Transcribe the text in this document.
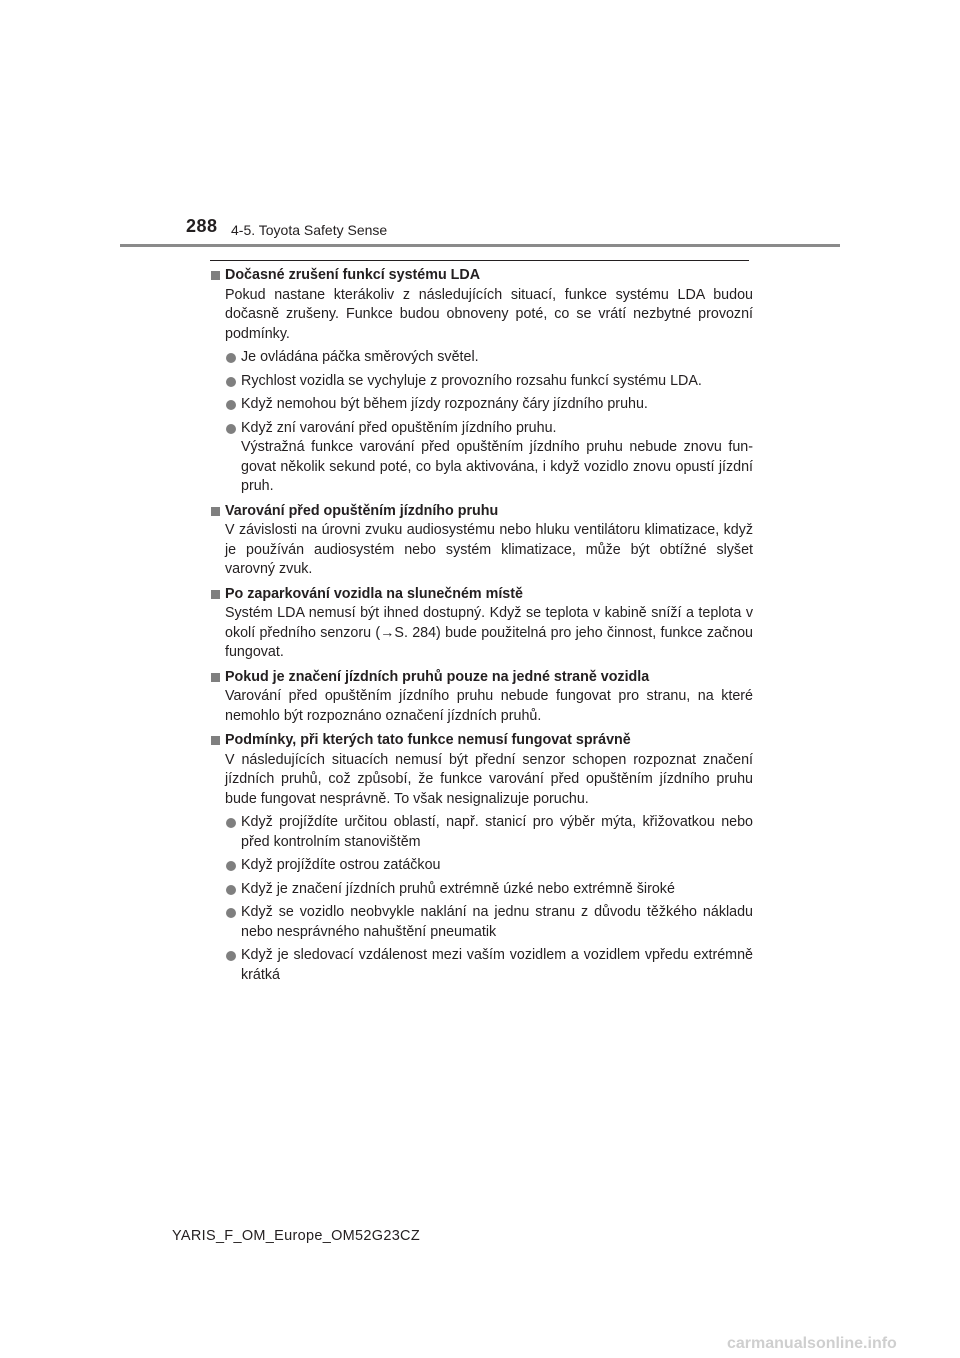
288 4-5. Toyota Safety Sense
Dočasné zrušení funkcí systému LDA
Pokud nastane kterákoliv z následujících situací, funkce systému LDA budou dočasně zrušeny. Funkce budou obnoveny poté, co se vrátí nezbytné provozní podmínky.
Je ovládána páčka směrových světel.
Rychlost vozidla se vychyluje z provozního rozsahu funkcí systému LDA.
Když nemohou být během jízdy rozpoznány čáry jízdního pruhu.
Když zní varování před opuštěním jízdního pruhu.
Výstražná funkce varování před opuštěním jízdního pruhu nebude znovu fungovat několik sekund poté, co byla aktivována, i když vozidlo znovu opustí jízdní pruh.
Varování před opuštěním jízdního pruhu
V závislosti na úrovni zvuku audiosystému nebo hluku ventilátoru klimatizace, když je používán audiosystém nebo systém klimatizace, může být obtížné slyšet varovný zvuk.
Po zaparkování vozidla na slunečném místě
Systém LDA nemusí být ihned dostupný. Když se teplota v kabině sníží a teplota v okolí předního senzoru (→S. 284) bude použitelná pro jeho činnost, funkce začnou fungovat.
Pokud je značení jízdních pruhů pouze na jedné straně vozidla
Varování před opuštěním jízdního pruhu nebude fungovat pro stranu, na které nemohlo být rozpoznáno označení jízdních pruhů.
Podmínky, při kterých tato funkce nemusí fungovat správně
V následujících situacích nemusí být přední senzor schopen rozpoznat značení jízdních pruhů, což způsobí, že funkce varování před opuštěním jízdního pruhu bude fungovat nesprávně. To však nesignalizuje poruchu.
Když projíždíte určitou oblastí, např. stanicí pro výběr mýta, křižovatkou nebo před kontrolním stanovištěm
Když projíždíte ostrou zatáčkou
Když je značení jízdních pruhů extrémně úzké nebo extrémně široké
Když se vozidlo neobvykle naklání na jednu stranu z důvodu těžkého nákladu nebo nesprávného nahuštění pneumatik
Když je sledovací vzdálenost mezi vaším vozidlem a vozidlem vpředu extrémně krátká
YARIS_F_OM_Europe_OM52G23CZ
carmanualsonline.info
